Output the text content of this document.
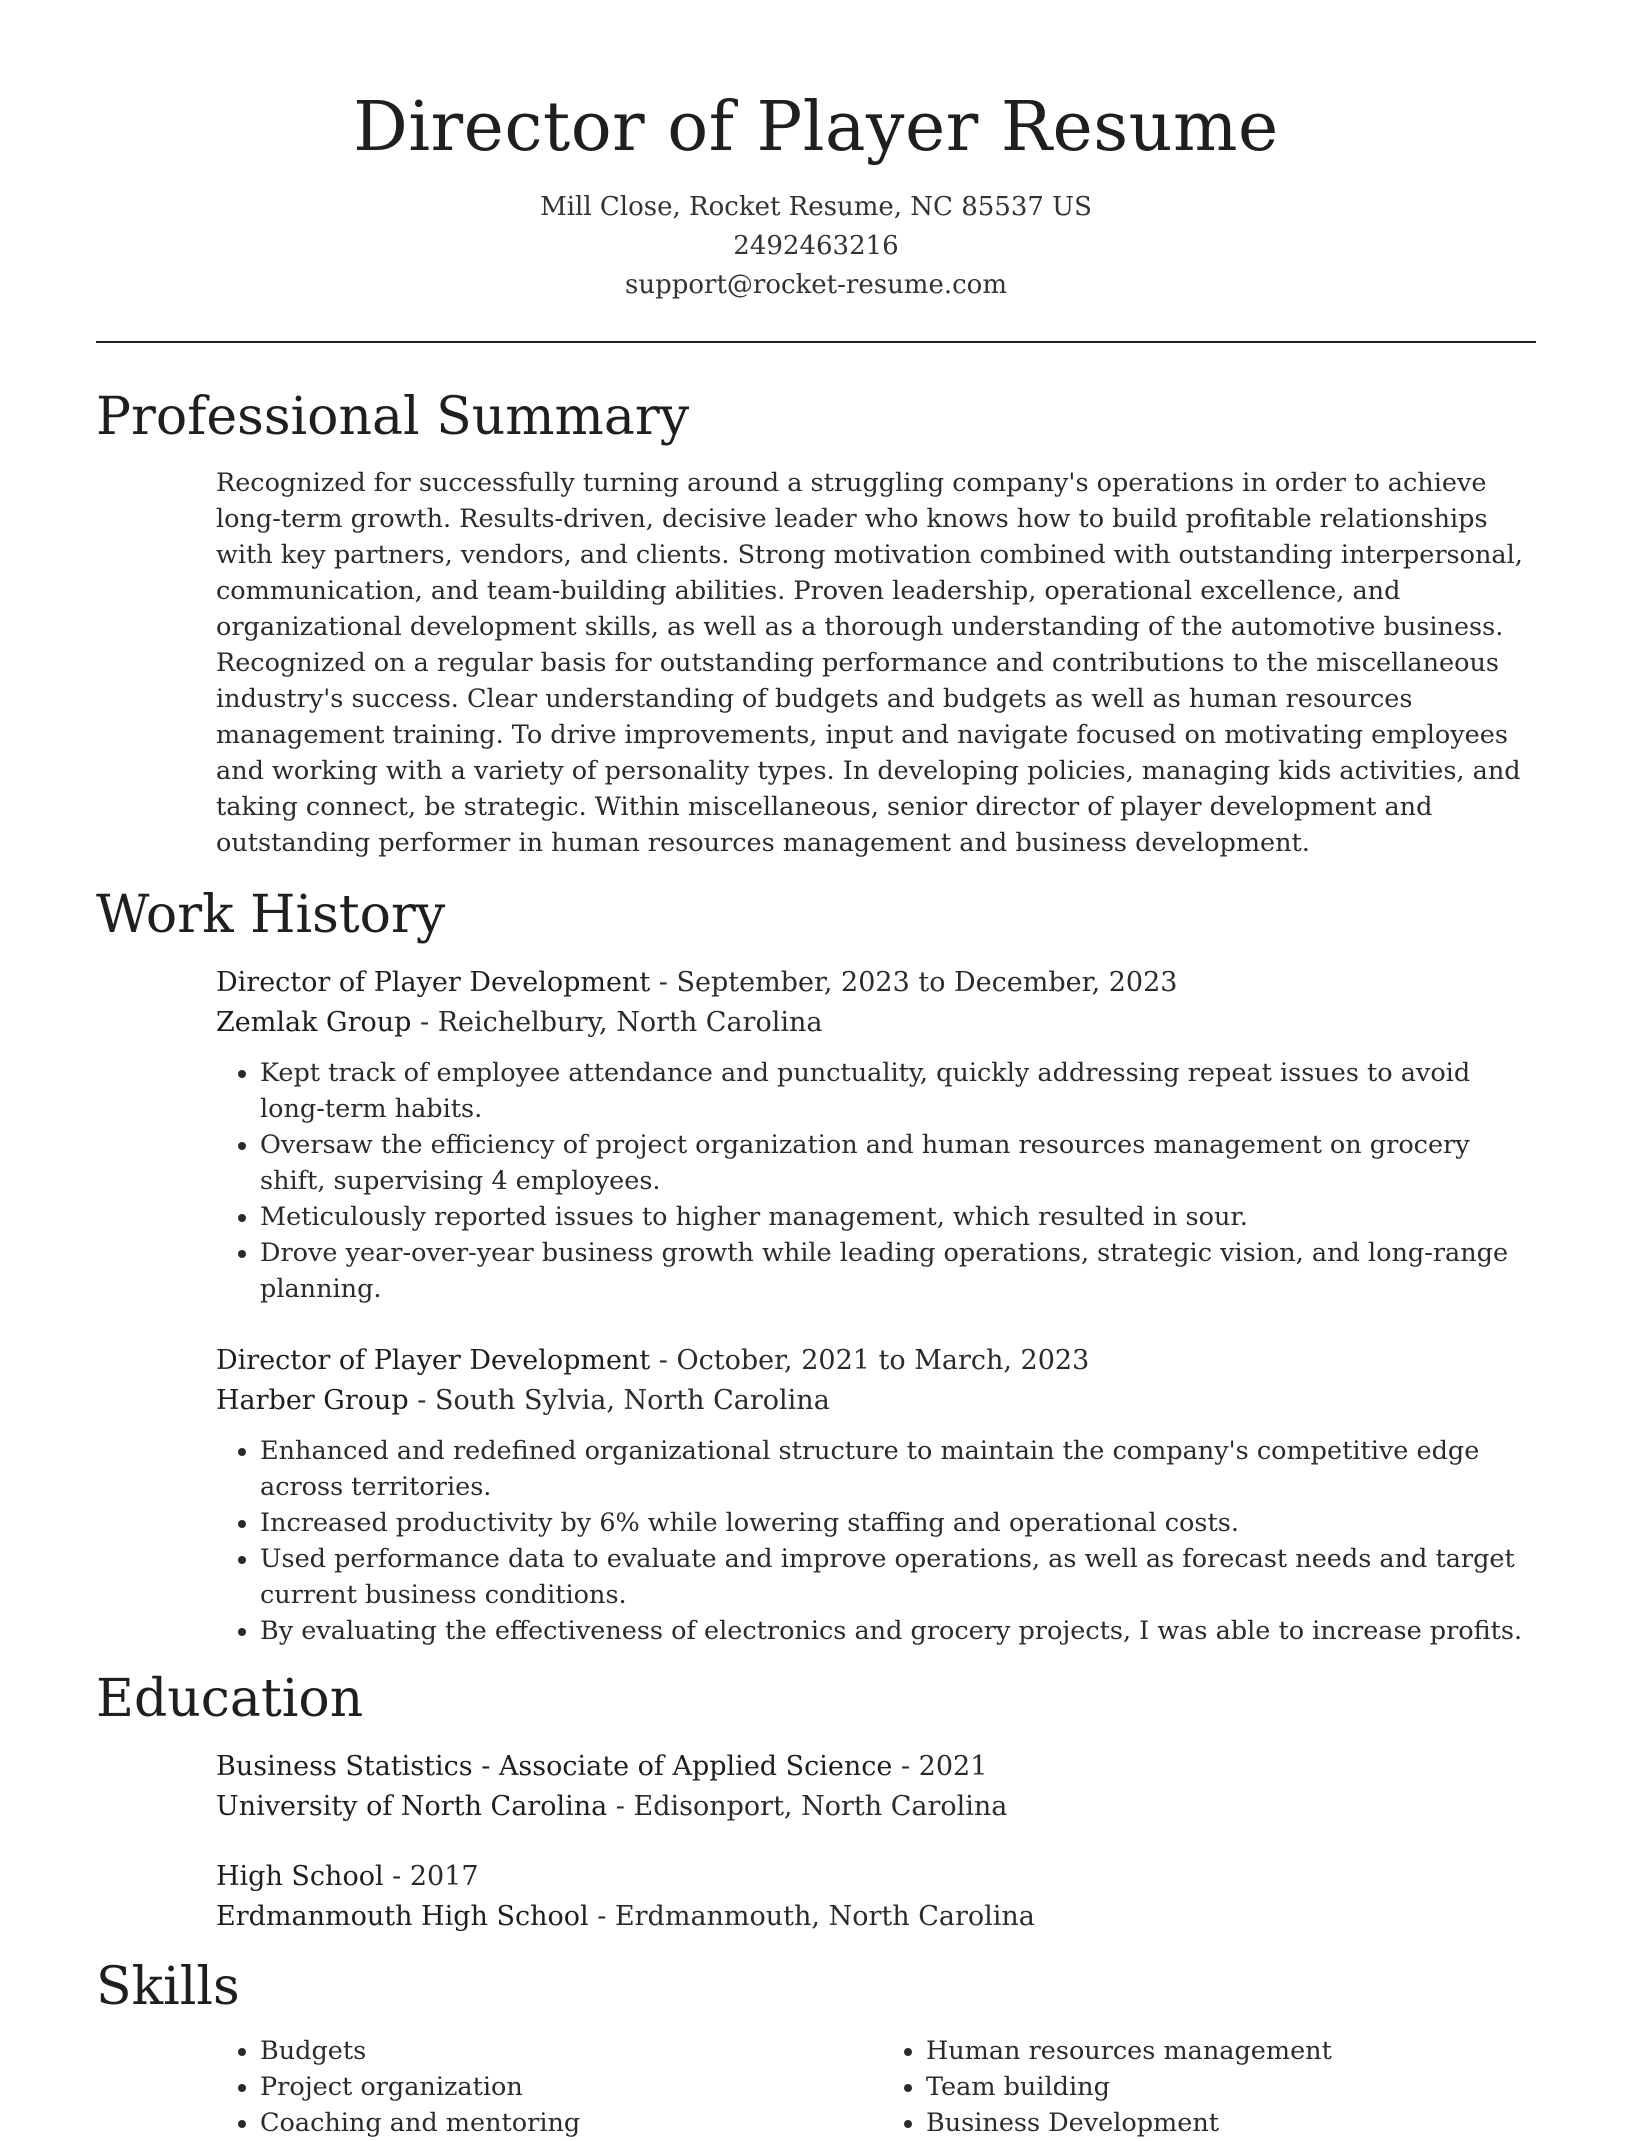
Director of Player Resume
Mill Close, Rocket Resume, NC 85537 US
2492463216
support@rocket-resume.com
Professional Summary
Recognized for successfully turning around a struggling company's operations in order to achieve long-term growth. Results-driven, decisive leader who knows how to build profitable relationships with key partners, vendors, and clients. Strong motivation combined with outstanding interpersonal, communication, and team-building abilities. Proven leadership, operational excellence, and organizational development skills, as well as a thorough understanding of the automotive business. Recognized on a regular basis for outstanding performance and contributions to the miscellaneous industry's success. Clear understanding of budgets and budgets as well as human resources management training. To drive improvements, input and navigate focused on motivating employees and working with a variety of personality types. In developing policies, managing kids activities, and taking connect, be strategic. Within miscellaneous, senior director of player development and outstanding performer in human resources management and business development.
Work History
Director of Player Development - September, 2023 to December, 2023
Zemlak Group - Reichelbury, North Carolina
• Kept track of employee attendance and punctuality, quickly addressing repeat issues to avoid long-term habits.
• Oversaw the efficiency of project organization and human resources management on grocery shift, supervising 4 employees.
• Meticulously reported issues to higher management, which resulted in sour.
• Drove year-over-year business growth while leading operations, strategic vision, and long-range planning.
Director of Player Development - October, 2021 to March, 2023
Harber Group - South Sylvia, North Carolina
• Enhanced and redefined organizational structure to maintain the company's competitive edge across territories.
• Increased productivity by 6% while lowering staffing and operational costs.
• Used performance data to evaluate and improve operations, as well as forecast needs and target current business conditions.
• By evaluating the effectiveness of electronics and grocery projects, I was able to increase profits.
Education
Business Statistics - Associate of Applied Science - 2021
University of North Carolina - Edisonport, North Carolina
High School - 2017
Erdmanmouth High School - Erdmanmouth, North Carolina
Skills
• Budgets
• Project organization
• Coaching and mentoring
• Human resources management
• Team building
• Business Development
